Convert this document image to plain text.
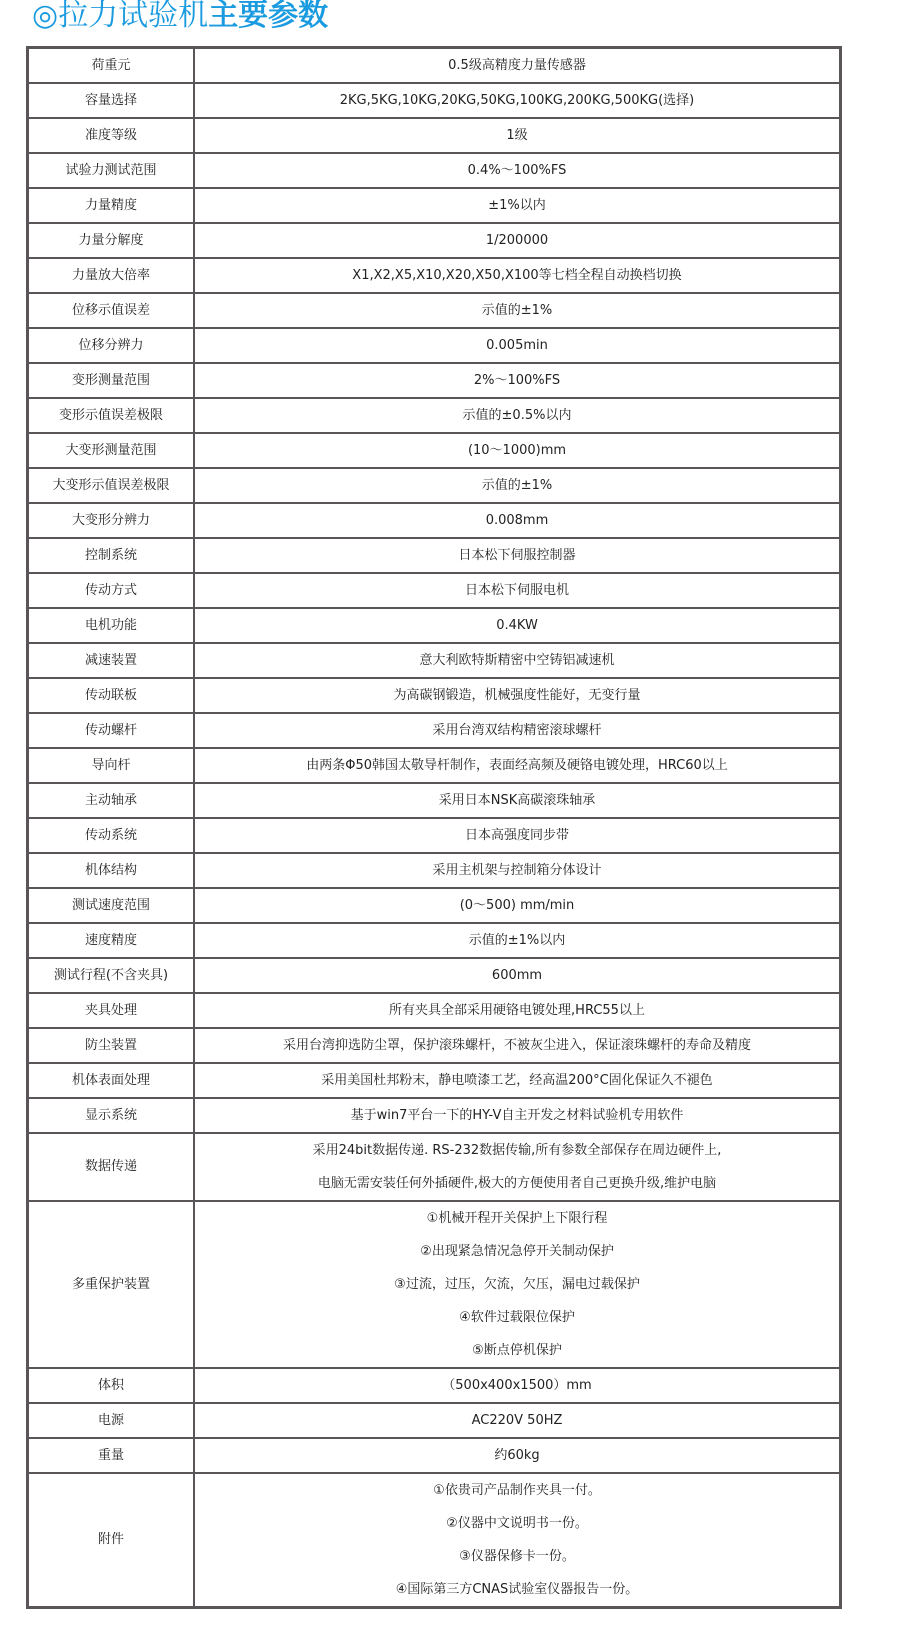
◎拉力试验机主要参数
荷重元	0.5级高精度力量传感器

容量选择	2KG,5KG,10KG,20KG,50KG,100KG,200KG,500KG(选择)

准度等级	1级

试验力测试范围	0.4%～100%FS

力量精度	±1%以内

力量分解度	1/200000

力量放大倍率	X1,X2,X5,X10,X20,X50,X100等七档全程自动换档切换

位移示值误差	示值的±1%

位移分辨力	0.005min

变形测量范围	2%～100%FS

变形示值误差极限	示值的±0.5%以内

大变形测量范围	(10～1000)mm

大变形示值误差极限	示值的±1%

大变形分辨力	0.008mm

控制系统	日本松下伺服控制器

传动方式	日本松下伺服电机

电机功能	0.4KW

减速装置	意大利欧特斯精密中空铸铝减速机

传动联板	为高碳钢锻造，机械强度性能好，无变行量

传动螺杆	采用台湾双结构精密滚球螺杆

导向杆	由两条Φ50韩国太敬导杆制作，表面经高频及硬铬电镀处理，HRC60以上

主动轴承	采用日本NSK高碳滚珠轴承

传动系统	日本高强度同步带

机体结构	采用主机架与控制箱分体设计

测试速度范围	(0～500) mm/min

速度精度	示值的±1%以内

测试行程(不含夹具)	600mm

夹具处理	所有夹具全部采用硬铬电镀处理,HRC55以上

防尘装置	采用台湾抑选防尘罩，保护滚珠螺杆，不被灰尘进入，保证滚珠螺杆的寿命及精度

机体表面处理	采用美国杜邦粉末，静电喷漆工艺，经高温200°C固化保证久不褪色

显示系统	基于win7平台一下的HY-V自主开发之材料试验机专用软件

数据传递	采用24bit数据传递. RS-232数据传输,所有参数全部保存在周边硬件上,
电脑无需安装任何外插硬件,极大的方便使用者自己更换升级,维护电脑

多重保护装置	①机械开程开关保护上下限行程
②出现紧急情况急停开关制动保护
③过流，过压，欠流，欠压，漏电过载保护
④软件过载限位保护
⑤断点停机保护

体积	（500x400x1500）mm

电源	AC220V 50HZ

重量	约60kg

附件	①依贵司产品制作夹具一付。
②仪器中文说明书一份。
③仪器保修卡一份。
④国际第三方CNAS试验室仪器报告一份。
